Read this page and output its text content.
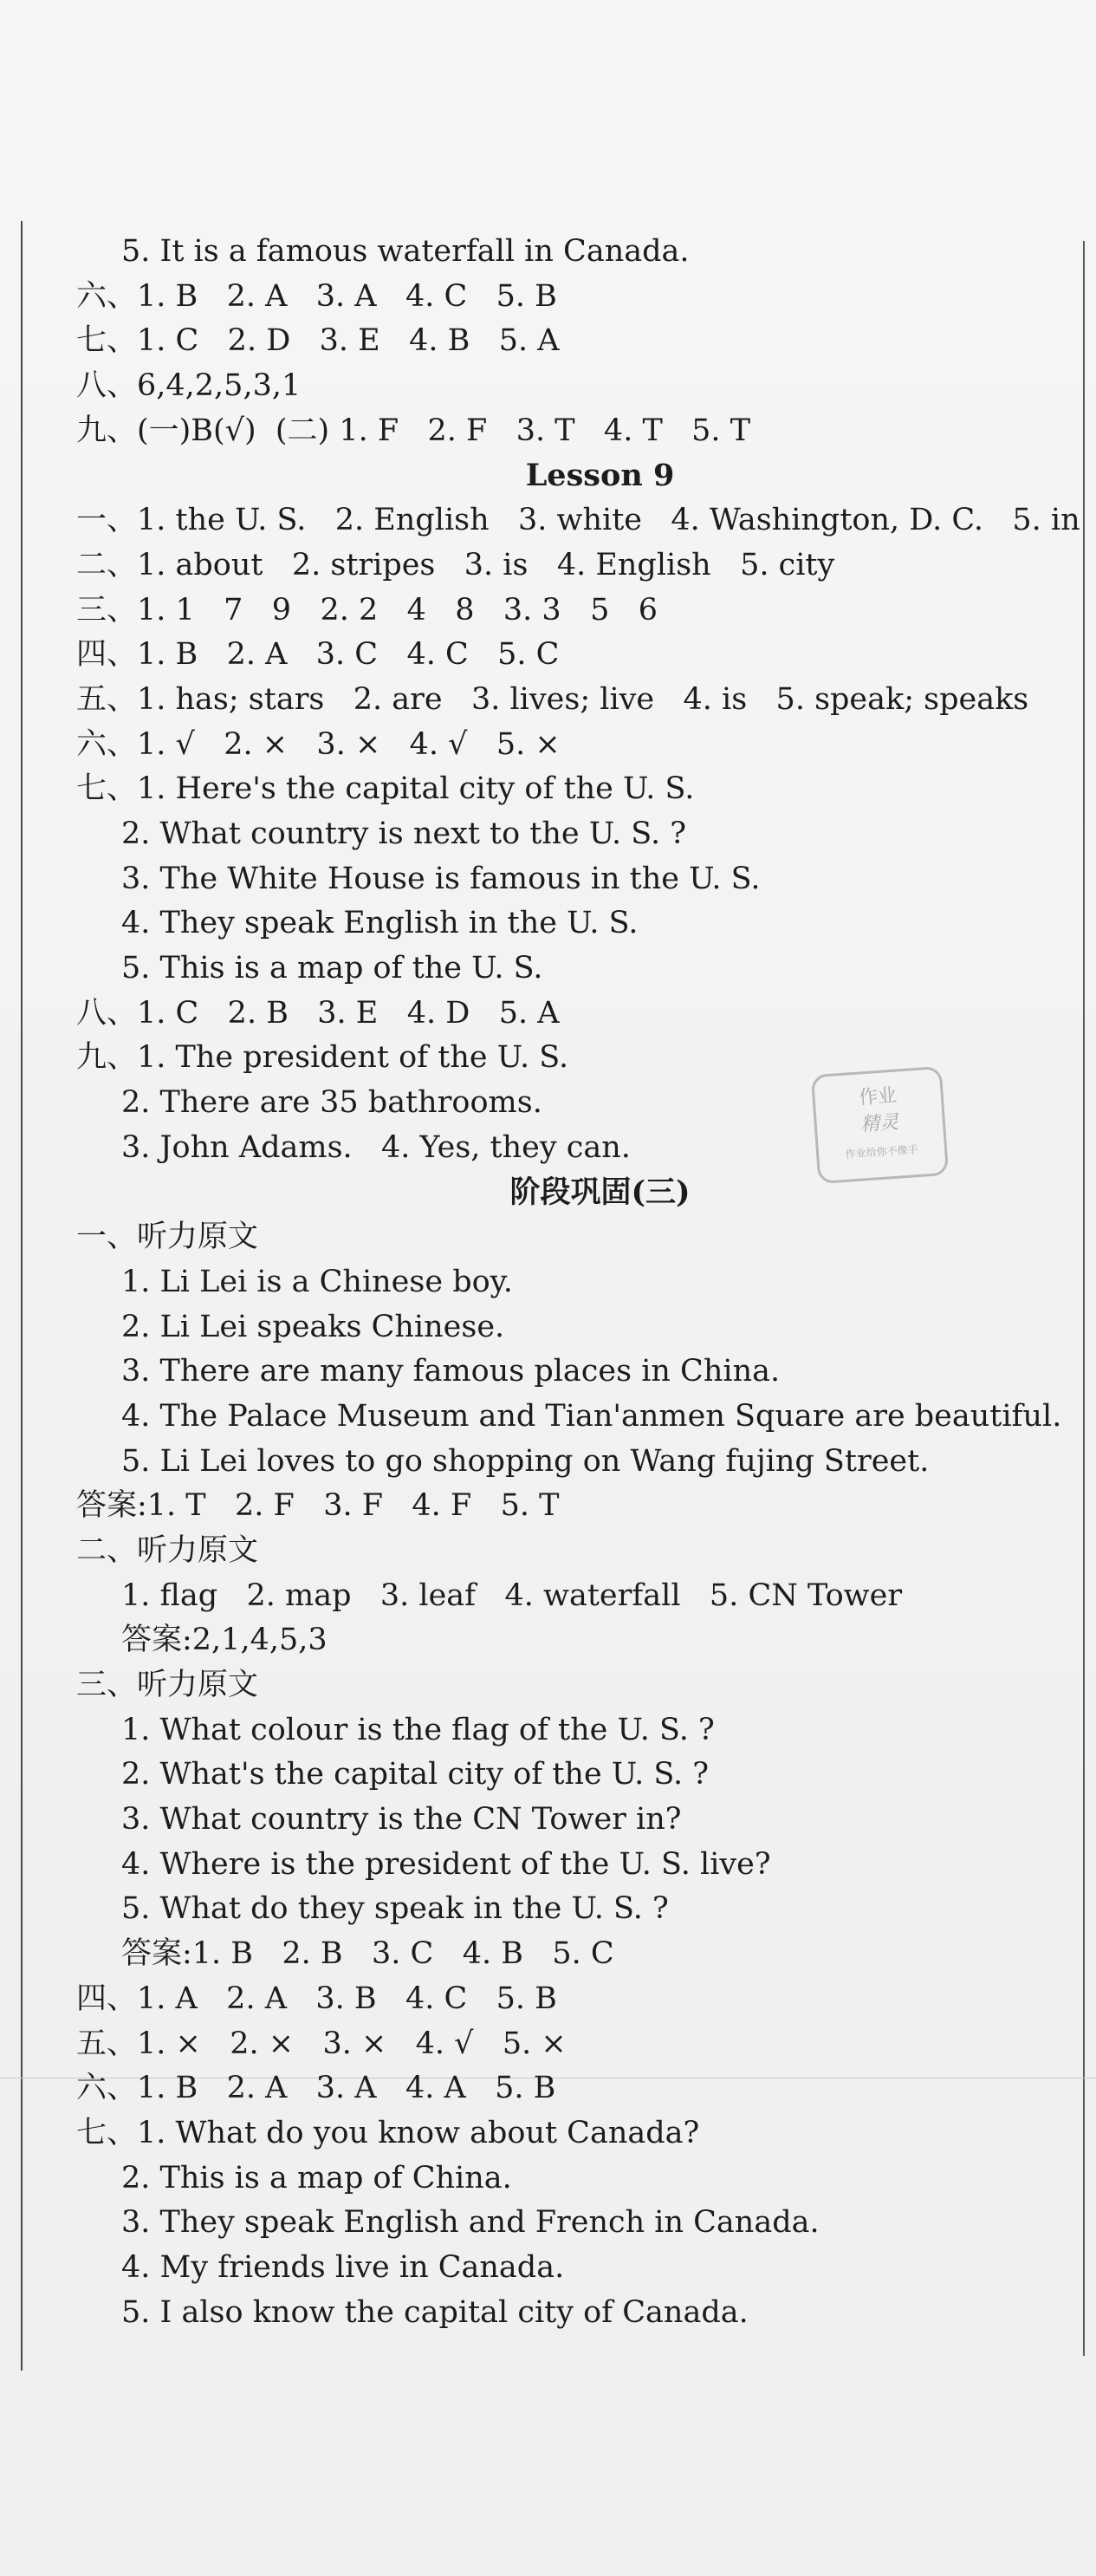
5. It is a famous waterfall in Canada.
六、1. B   2. A   3. A   4. C   5. B
七、1. C   2. D   3. E   4. B   5. A
八、6,4,2,5,3,1
九、(一)B(√)  (二) 1. F   2. F   3. T   4. T   5. T
Lesson 9
一、1. the U. S.   2. English   3. white   4. Washington, D. C.   5. in
二、1. about   2. stripes   3. is   4. English   5. city
三、1. 1   7   9   2. 2   4   8   3. 3   5   6
四、1. B   2. A   3. C   4. C   5. C
五、1. has; stars   2. are   3. lives; live   4. is   5. speak; speaks
六、1. √   2. ×   3. ×   4. √   5. ×
七、1. Here's the capital city of the U. S.
2. What country is next to the U. S. ?
3. The White House is famous in the U. S.
4. They speak English in the U. S.
5. This is a map of the U. S.
八、1. C   2. B   3. E   4. D   5. A
九、1. The president of the U. S.
2. There are 35 bathrooms.
3. John Adams.   4. Yes, they can.
阶段巩固(三)
一、听力原文
1. Li Lei is a Chinese boy.
2. Li Lei speaks Chinese.
3. There are many famous places in China.
4. The Palace Museum and Tian'anmen Square are beautiful.
5. Li Lei loves to go shopping on Wang fujing Street.
答案:1. T   2. F   3. F   4. F   5. T
二、听力原文
1. flag   2. map   3. leaf   4. waterfall   5. CN Tower
答案:2,1,4,5,3
三、听力原文
1. What colour is the flag of the U. S. ?
2. What's the capital city of the U. S. ?
3. What country is the CN Tower in?
4. Where is the president of the U. S. live?
5. What do they speak in the U. S. ?
答案:1. B   2. B   3. C   4. B   5. C
四、1. A   2. A   3. B   4. C   5. B
五、1. ×   2. ×   3. ×   4. √   5. ×
六、1. B   2. A   3. A   4. A   5. B
七、1. What do you know about Canada?
2. This is a map of China.
3. They speak English and French in Canada.
4. My friends live in Canada.
5. I also know the capital city of Canada.
作业
精灵
作业给你不像手
